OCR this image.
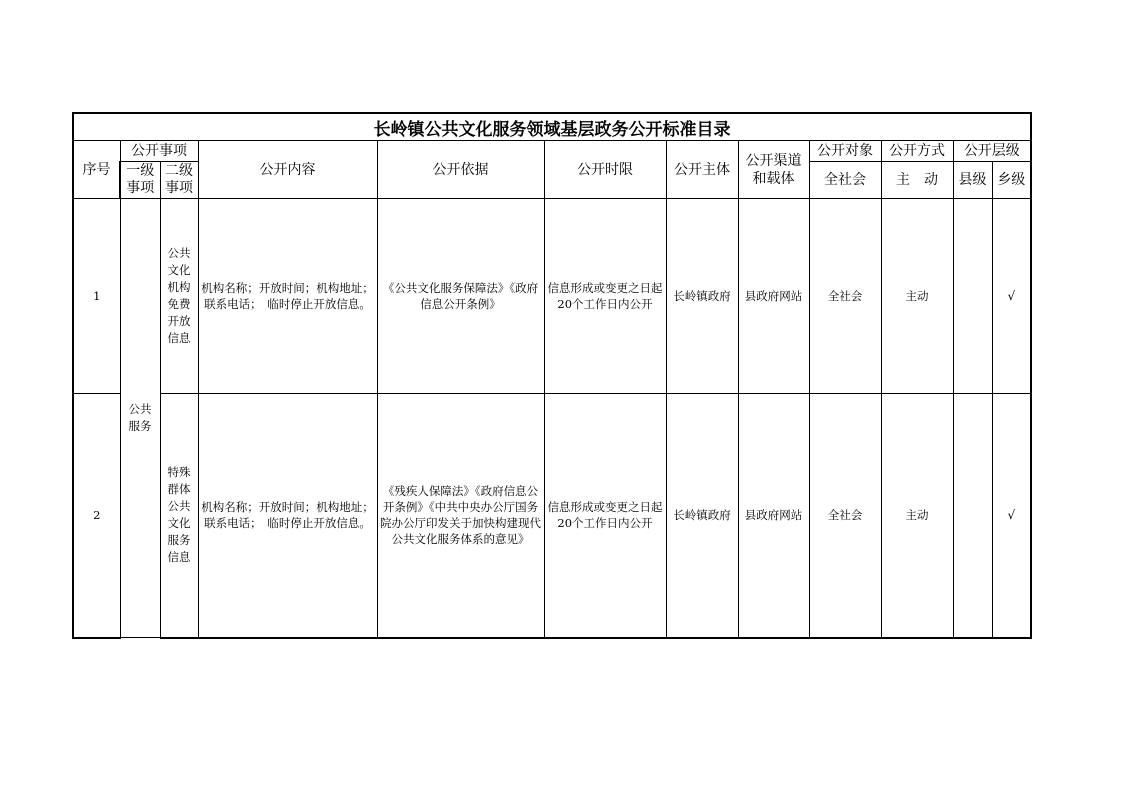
长岭镇公共文化服务领域基层政务公开标准目录											
序号	公开事项		公开内容	公开依据	公开时限	公开主体	公开渠道和载体	公开对象	公开方式	公开层级	
	一级事项	二级事项						全社会	主　动	县级	乡级
1	公共服务	公共文化机构免费开放信息	机构名称；开放时间；机构地址；联系电话；　临时停止开放信息。	《公共文化服务保障法》《政府信息公开条例》	信息形成或变更之日起20个工作日内公开	长岭镇政府	县政府网站	全社会	主动		√
2		特殊群体公共文化服务信息	机构名称；开放时间；机构地址；联系电话；　临时停止开放信息。	《残疾人保障法》《政府信息公开条例》《中共中央办公厅国务院办公厅印发关于加快构建现代公共文化服务体系的意见》	信息形成或变更之日起20个工作日内公开	长岭镇政府	县政府网站	全社会	主动		√
